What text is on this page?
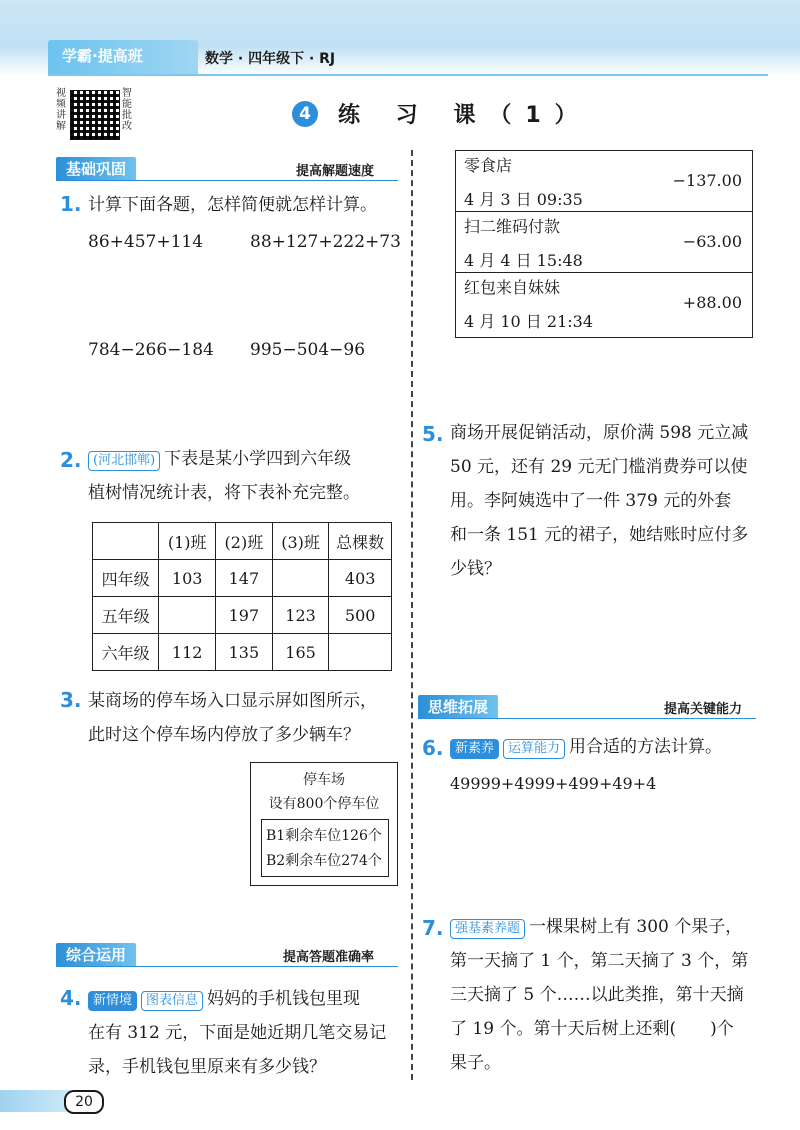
学霸·提高班	数学 · 四年级下 · RJ
视频讲解
智能批改
4	练 习 课（1）
基础巩固	提高解题速度
1. 计算下面各题，怎样简便就怎样计算。
86+457+114	88+127+222+73
784−266−184 995−504−96
2. (河北邯郸) 下表是某小学四到六年级
植树情况统计表，将下表补充完整。
	(1)班	(2)班	(3)班	总棵数
四年级	103	147		403
五年级		197	123	500
六年级	112	135	165	
3. 某商场的停车场入口显示屏如图所示，
此时这个停车场内停放了多少辆车？
停车场
设有800个停车位
B1剩余车位126个
B2剩余车位274个
综合运用	提高答题准确率
4. 新情境 图表信息 妈妈的手机钱包里现
在有 312 元，下面是她近期几笔交易记
录，手机钱包里原来有多少钱？
零食店
−137.00
4 月 3 日 09:35
扫二维码付款
−63.00
4 月 4 日 15:48
红包来自妹妹
+88.00
4 月 10 日 21:34
5. 商场开展促销活动，原价满 598 元立减
50 元，还有 29 元无门槛消费券可以使
用。李阿姨选中了一件 379 元的外套
和一条 151 元的裙子，她结账时应付多
少钱？
思维拓展	提高关键能力
6. 新素养 运算能力 用合适的方法计算。
49999+4999+499+49+4
7. 强基素养题 一棵果树上有 300 个果子，
第一天摘了 1 个，第二天摘了 3 个，第
三天摘了 5 个……以此类推，第十天摘
了 19 个。第十天后树上还剩(　　)个
果子。
20
